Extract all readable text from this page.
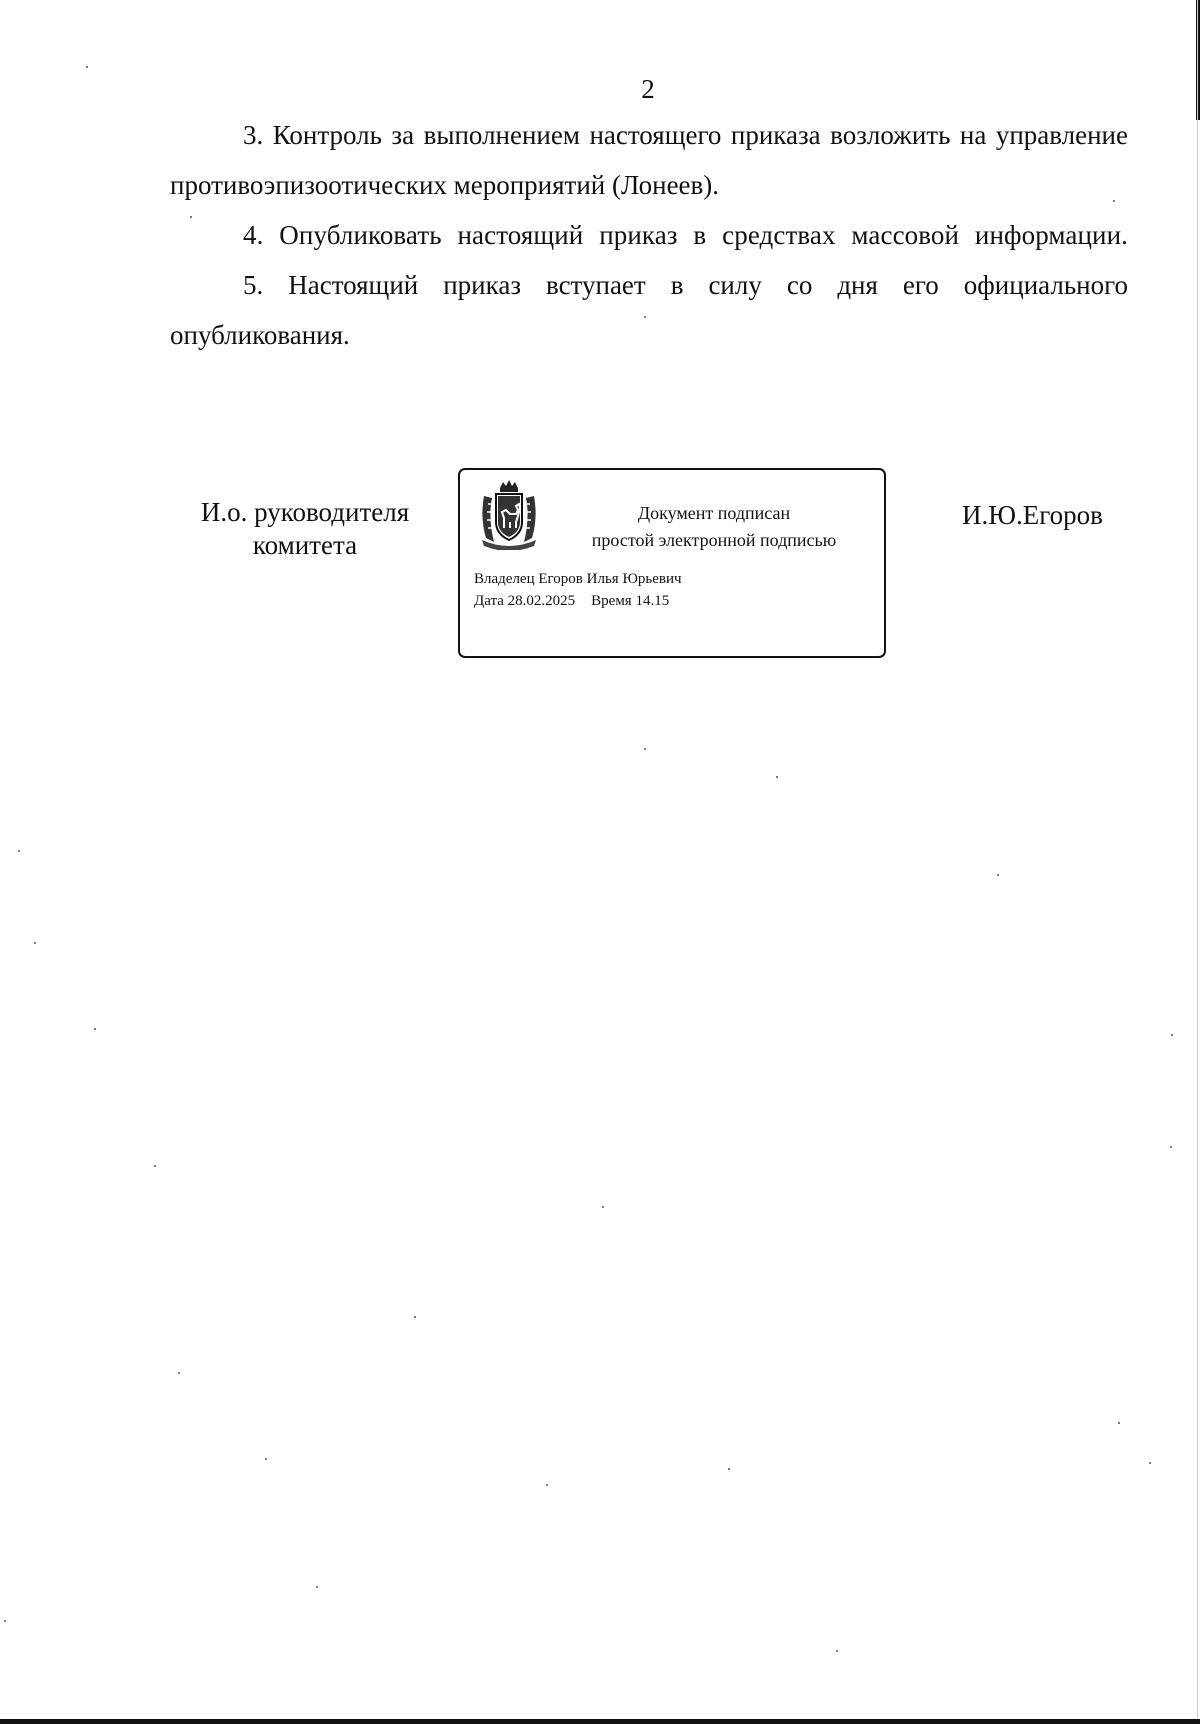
2

3. Контроль за выполнением настоящего приказа возложить на управление противоэпизоотических мероприятий (Лонеев).

4. Опубликовать настоящий приказ в средствах массовой информации.

5. Настоящий приказ вступает в силу со дня его официального опубликования.

И.о. руководителя
комитета
Документ подписан
простой электронной подписью
Владелец Егоров Илья Юрьевич
Дата 28.02.2025 Время 14.15
И.Ю.Егоров
